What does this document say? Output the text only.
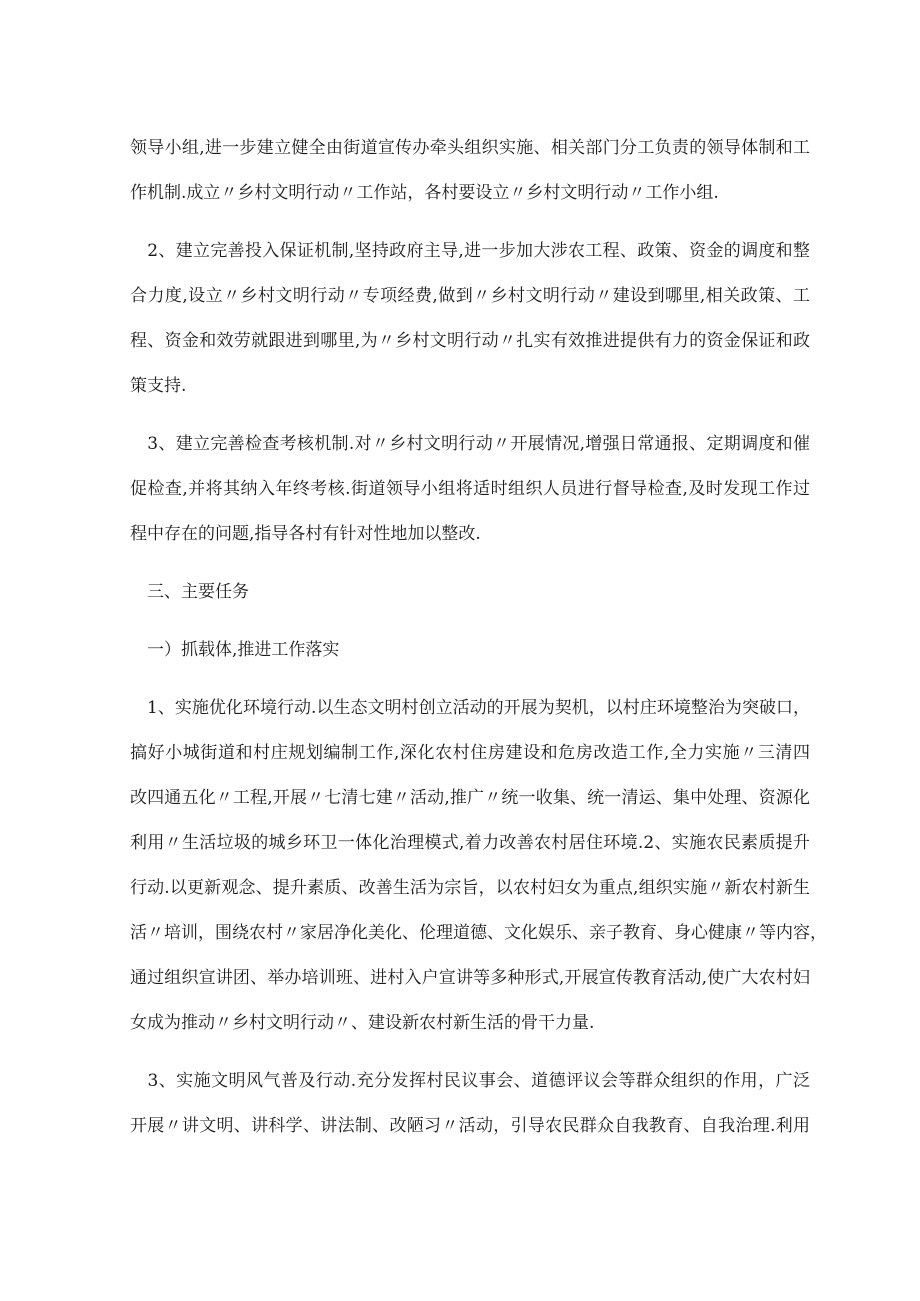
领导小组,进一步建立健全由街道宣传办牵头组织实施、相关部门分工负责的领导体制和工
作机制.成立〃乡村文明行动〃工作站，各村要设立〃乡村文明行动〃工作小组.
　2、建立完善投入保证机制,坚持政府主导,进一步加大涉农工程、政策、资金的调度和整
合力度,设立〃乡村文明行动〃专项经费,做到〃乡村文明行动〃建设到哪里,相关政策、工
程、资金和效劳就跟进到哪里,为〃乡村文明行动〃扎实有效推进提供有力的资金保证和政
策支持.
　3、建立完善检查考核机制.对〃乡村文明行动〃开展情况,增强日常通报、定期调度和催
促检查,并将其纳入年终考核.街道领导小组将适时组织人员进行督导检查,及时发现工作过
程中存在的问题,指导各村有针对性地加以整改.
　三、主要任务
　一）抓载体,推进工作落实
　1、实施优化环境行动.以生态文明村创立活动的开展为契机，以村庄环境整治为突破口，
搞好小城街道和村庄规划编制工作,深化农村住房建设和危房改造工作,全力实施〃三清四
改四通五化〃工程,开展〃七清七建〃活动,推广〃统一收集、统一清运、集中处理、资源化
利用〃生活垃圾的城乡环卫一体化治理模式,着力改善农村居住环境.2、实施农民素质提升
行动.以更新观念、提升素质、改善生活为宗旨，以农村妇女为重点,组织实施〃新农村新生
活〃培训，围绕农村〃家居净化美化、伦理道德、文化娱乐、亲子教育、身心健康〃等内容，
通过组织宣讲团、举办培训班、进村入户宣讲等多种形式,开展宣传教育活动,使广大农村妇
女成为推动〃乡村文明行动〃、建设新农村新生活的骨干力量.
　3、实施文明风气普及行动.充分发挥村民议事会、道德评议会等群众组织的作用，广泛
开展〃讲文明、讲科学、讲法制、改陋习〃活动，引导农民群众自我教育、自我治理.利用
